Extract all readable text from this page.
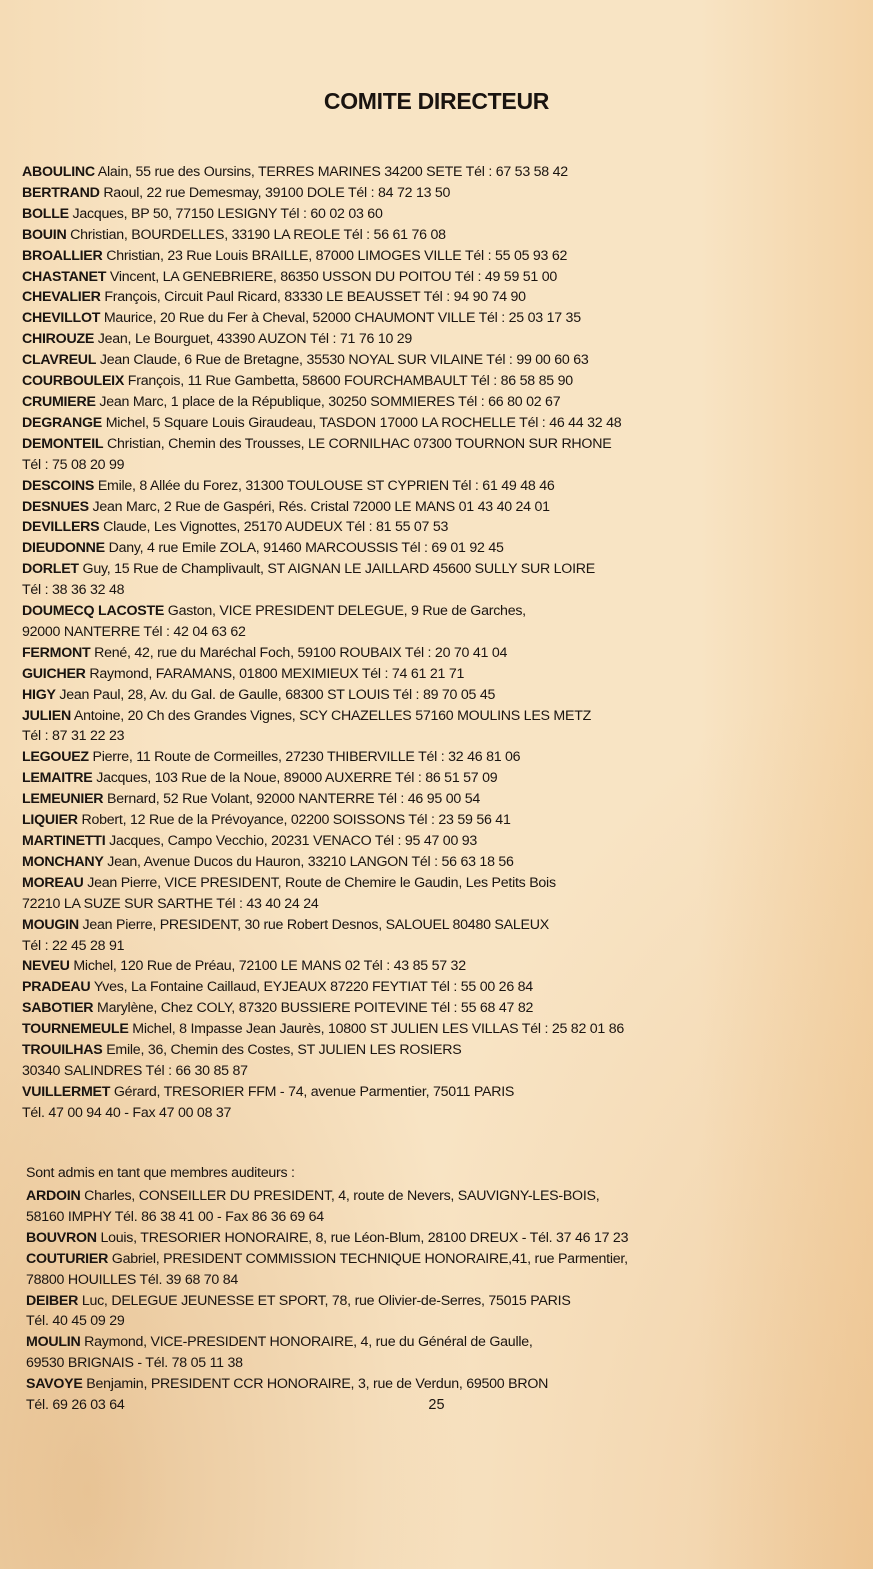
COMITE DIRECTEUR
ABOULINC Alain, 55 rue des Oursins, TERRES MARINES 34200 SETE Tél : 67 53 58 42
BERTRAND Raoul, 22 rue Demesmay, 39100 DOLE Tél : 84 72 13 50
BOLLE Jacques, BP 50, 77150 LESIGNY Tél : 60 02 03 60
BOUIN Christian, BOURDELLES, 33190 LA REOLE Tél : 56 61 76 08
BROALLIER Christian, 23 Rue Louis BRAILLE, 87000 LIMOGES VILLE Tél : 55 05 93 62
CHASTANET Vincent, LA GENEBRIERE, 86350 USSON DU POITOU Tél : 49 59 51 00
CHEVALIER François, Circuit Paul Ricard, 83330 LE BEAUSSET Tél : 94 90 74 90
CHEVILLOT Maurice, 20 Rue du Fer à Cheval, 52000 CHAUMONT VILLE Tél : 25 03 17 35
CHIROUZE Jean, Le Bourguet, 43390 AUZON Tél : 71 76 10 29
CLAVREUL Jean Claude, 6 Rue de Bretagne, 35530 NOYAL SUR VILAINE Tél : 99 00 60 63
COURBOULEIX François, 11 Rue Gambetta, 58600 FOURCHAMBAULT Tél : 86 58 85 90
CRUMIERE Jean Marc, 1 place de la République, 30250 SOMMIERES Tél : 66 80 02 67
DEGRANGE Michel, 5 Square Louis Giraudeau, TASDON 17000 LA ROCHELLE Tél : 46 44 32 48
DEMONTEIL Christian, Chemin des Trousses, LE CORNILHAC 07300 TOURNON SUR RHONE
Tél : 75 08 20 99
DESCOINS Emile, 8 Allée du Forez, 31300 TOULOUSE ST CYPRIEN Tél : 61 49 48 46
DESNUES Jean Marc, 2 Rue de Gaspéri, Rés. Cristal 72000 LE MANS 01 43 40 24 01
DEVILLERS Claude, Les Vignottes, 25170 AUDEUX Tél : 81 55 07 53
DIEUDONNE Dany, 4 rue Emile ZOLA, 91460 MARCOUSSIS Tél : 69 01 92 45
DORLET Guy, 15 Rue de Champlivault, ST AIGNAN LE JAILLARD 45600 SULLY SUR LOIRE
Tél : 38 36 32 48
DOUMECQ LACOSTE Gaston, VICE PRESIDENT DELEGUE, 9 Rue de Garches,
92000 NANTERRE Tél : 42 04 63 62
FERMONT René, 42, rue du Maréchal Foch, 59100 ROUBAIX Tél : 20 70 41 04
GUICHER Raymond, FARAMANS, 01800 MEXIMIEUX Tél : 74 61 21 71
HIGY Jean Paul, 28, Av. du Gal. de Gaulle, 68300 ST LOUIS Tél : 89 70 05 45
JULIEN Antoine, 20 Ch des Grandes Vignes, SCY CHAZELLES 57160 MOULINS LES METZ
Tél : 87 31 22 23
LEGOUEZ Pierre, 11 Route de Cormeilles, 27230 THIBERVILLE Tél : 32 46 81 06
LEMAITRE Jacques, 103 Rue de la Noue, 89000 AUXERRE Tél : 86 51 57 09
LEMEUNIER Bernard, 52 Rue Volant, 92000 NANTERRE Tél : 46 95 00 54
LIQUIER Robert, 12 Rue de la Prévoyance, 02200 SOISSONS Tél : 23 59 56 41
MARTINETTI Jacques, Campo Vecchio, 20231 VENACO Tél : 95 47 00 93
MONCHANY Jean, Avenue Ducos du Hauron, 33210 LANGON Tél : 56 63 18 56
MOREAU Jean Pierre, VICE PRESIDENT, Route de Chemire le Gaudin, Les Petits Bois
72210 LA SUZE SUR SARTHE Tél : 43 40 24 24
MOUGIN Jean Pierre, PRESIDENT, 30 rue Robert Desnos, SALOUEL 80480 SALEUX
Tél : 22 45 28 91
NEVEU Michel, 120 Rue de Préau, 72100 LE MANS 02 Tél : 43 85 57 32
PRADEAU Yves, La Fontaine Caillaud, EYJEAUX 87220 FEYTIAT Tél : 55 00 26 84
SABOTIER Marylène, Chez COLY, 87320 BUSSIERE POITEVINE Tél : 55 68 47 82
TOURNEMEULE Michel, 8 Impasse Jean Jaurès, 10800 ST JULIEN LES VILLAS Tél : 25 82 01 86
TROUILHAS Emile, 36, Chemin des Costes, ST JULIEN LES ROSIERS
30340 SALINDRES Tél : 66 30 85 87
VUILLERMET Gérard, TRESORIER FFM - 74, avenue Parmentier, 75011 PARIS
Tél. 47 00 94 40 - Fax 47 00 08 37

Sont admis en tant que membres auditeurs :

ARDOIN Charles, CONSEILLER DU PRESIDENT, 4, route de Nevers, SAUVIGNY-LES-BOIS,
58160 IMPHY Tél. 86 38 41 00 - Fax 86 36 69 64
BOUVRON Louis, TRESORIER HONORAIRE, 8, rue Léon-Blum, 28100 DREUX - Tél. 37 46 17 23
COUTURIER Gabriel, PRESIDENT COMMISSION TECHNIQUE HONORAIRE,41, rue Parmentier,
78800 HOUILLES Tél. 39 68 70 84
DEIBER Luc, DELEGUE JEUNESSE ET SPORT, 78, rue Olivier-de-Serres, 75015 PARIS
Tél. 40 45 09 29
MOULIN Raymond, VICE-PRESIDENT HONORAIRE, 4, rue du Général de Gaulle,
69530 BRIGNAIS - Tél. 78 05 11 38
SAVOYE Benjamin, PRESIDENT CCR HONORAIRE, 3, rue de Verdun, 69500 BRON
Tél. 69 26 03 64	25
